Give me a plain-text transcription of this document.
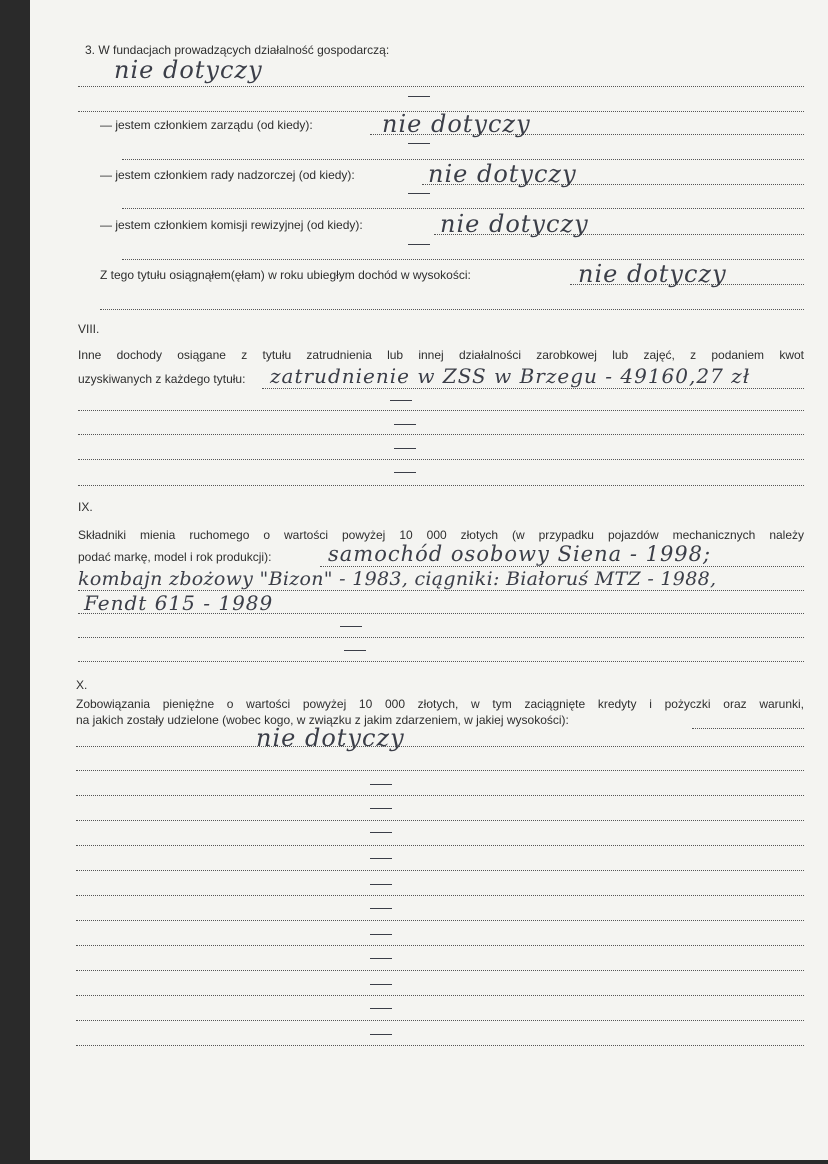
3. W fundacjach prowadzących działalność gospodarczą:
nie dotyczy
— jestem członkiem zarządu (od kiedy):	nie dotyczy
— jestem członkiem rady nadzorczej (od kiedy):	nie dotyczy
— jestem członkiem komisji rewizyjnej (od kiedy):	nie dotyczy
Z tego tytułu osiągnąłem(ęłam) w roku ubiegłym dochód w wysokości:	nie dotyczy
VIII.
Inne dochody osiągane z tytułu zatrudnienia lub innej działalności zarobkowej lub zajęć, z podaniem kwot
uzyskiwanych z każdego tytułu: zatrudnienie w ZSS w Brzegu - 49160,27 zł
IX.
Składniki mienia ruchomego o wartości powyżej 10 000 złotych (w przypadku pojazdów mechanicznych należy
podać markę, model i rok produkcji):	samochód osobowy Siena - 1998;
kombajn zbożowy "Bizon" - 1983, ciągniki: Białoruś MTZ - 1988,
Fendt 615 - 1989
X.
Zobowiązania pieniężne o wartości powyżej 10 000 złotych, w tym zaciągnięte kredyty i pożyczki oraz warunki,
na jakich zostały udzielone (wobec kogo, w związku z jakim zdarzeniem, w jakiej wysokości):
nie dotyczy
